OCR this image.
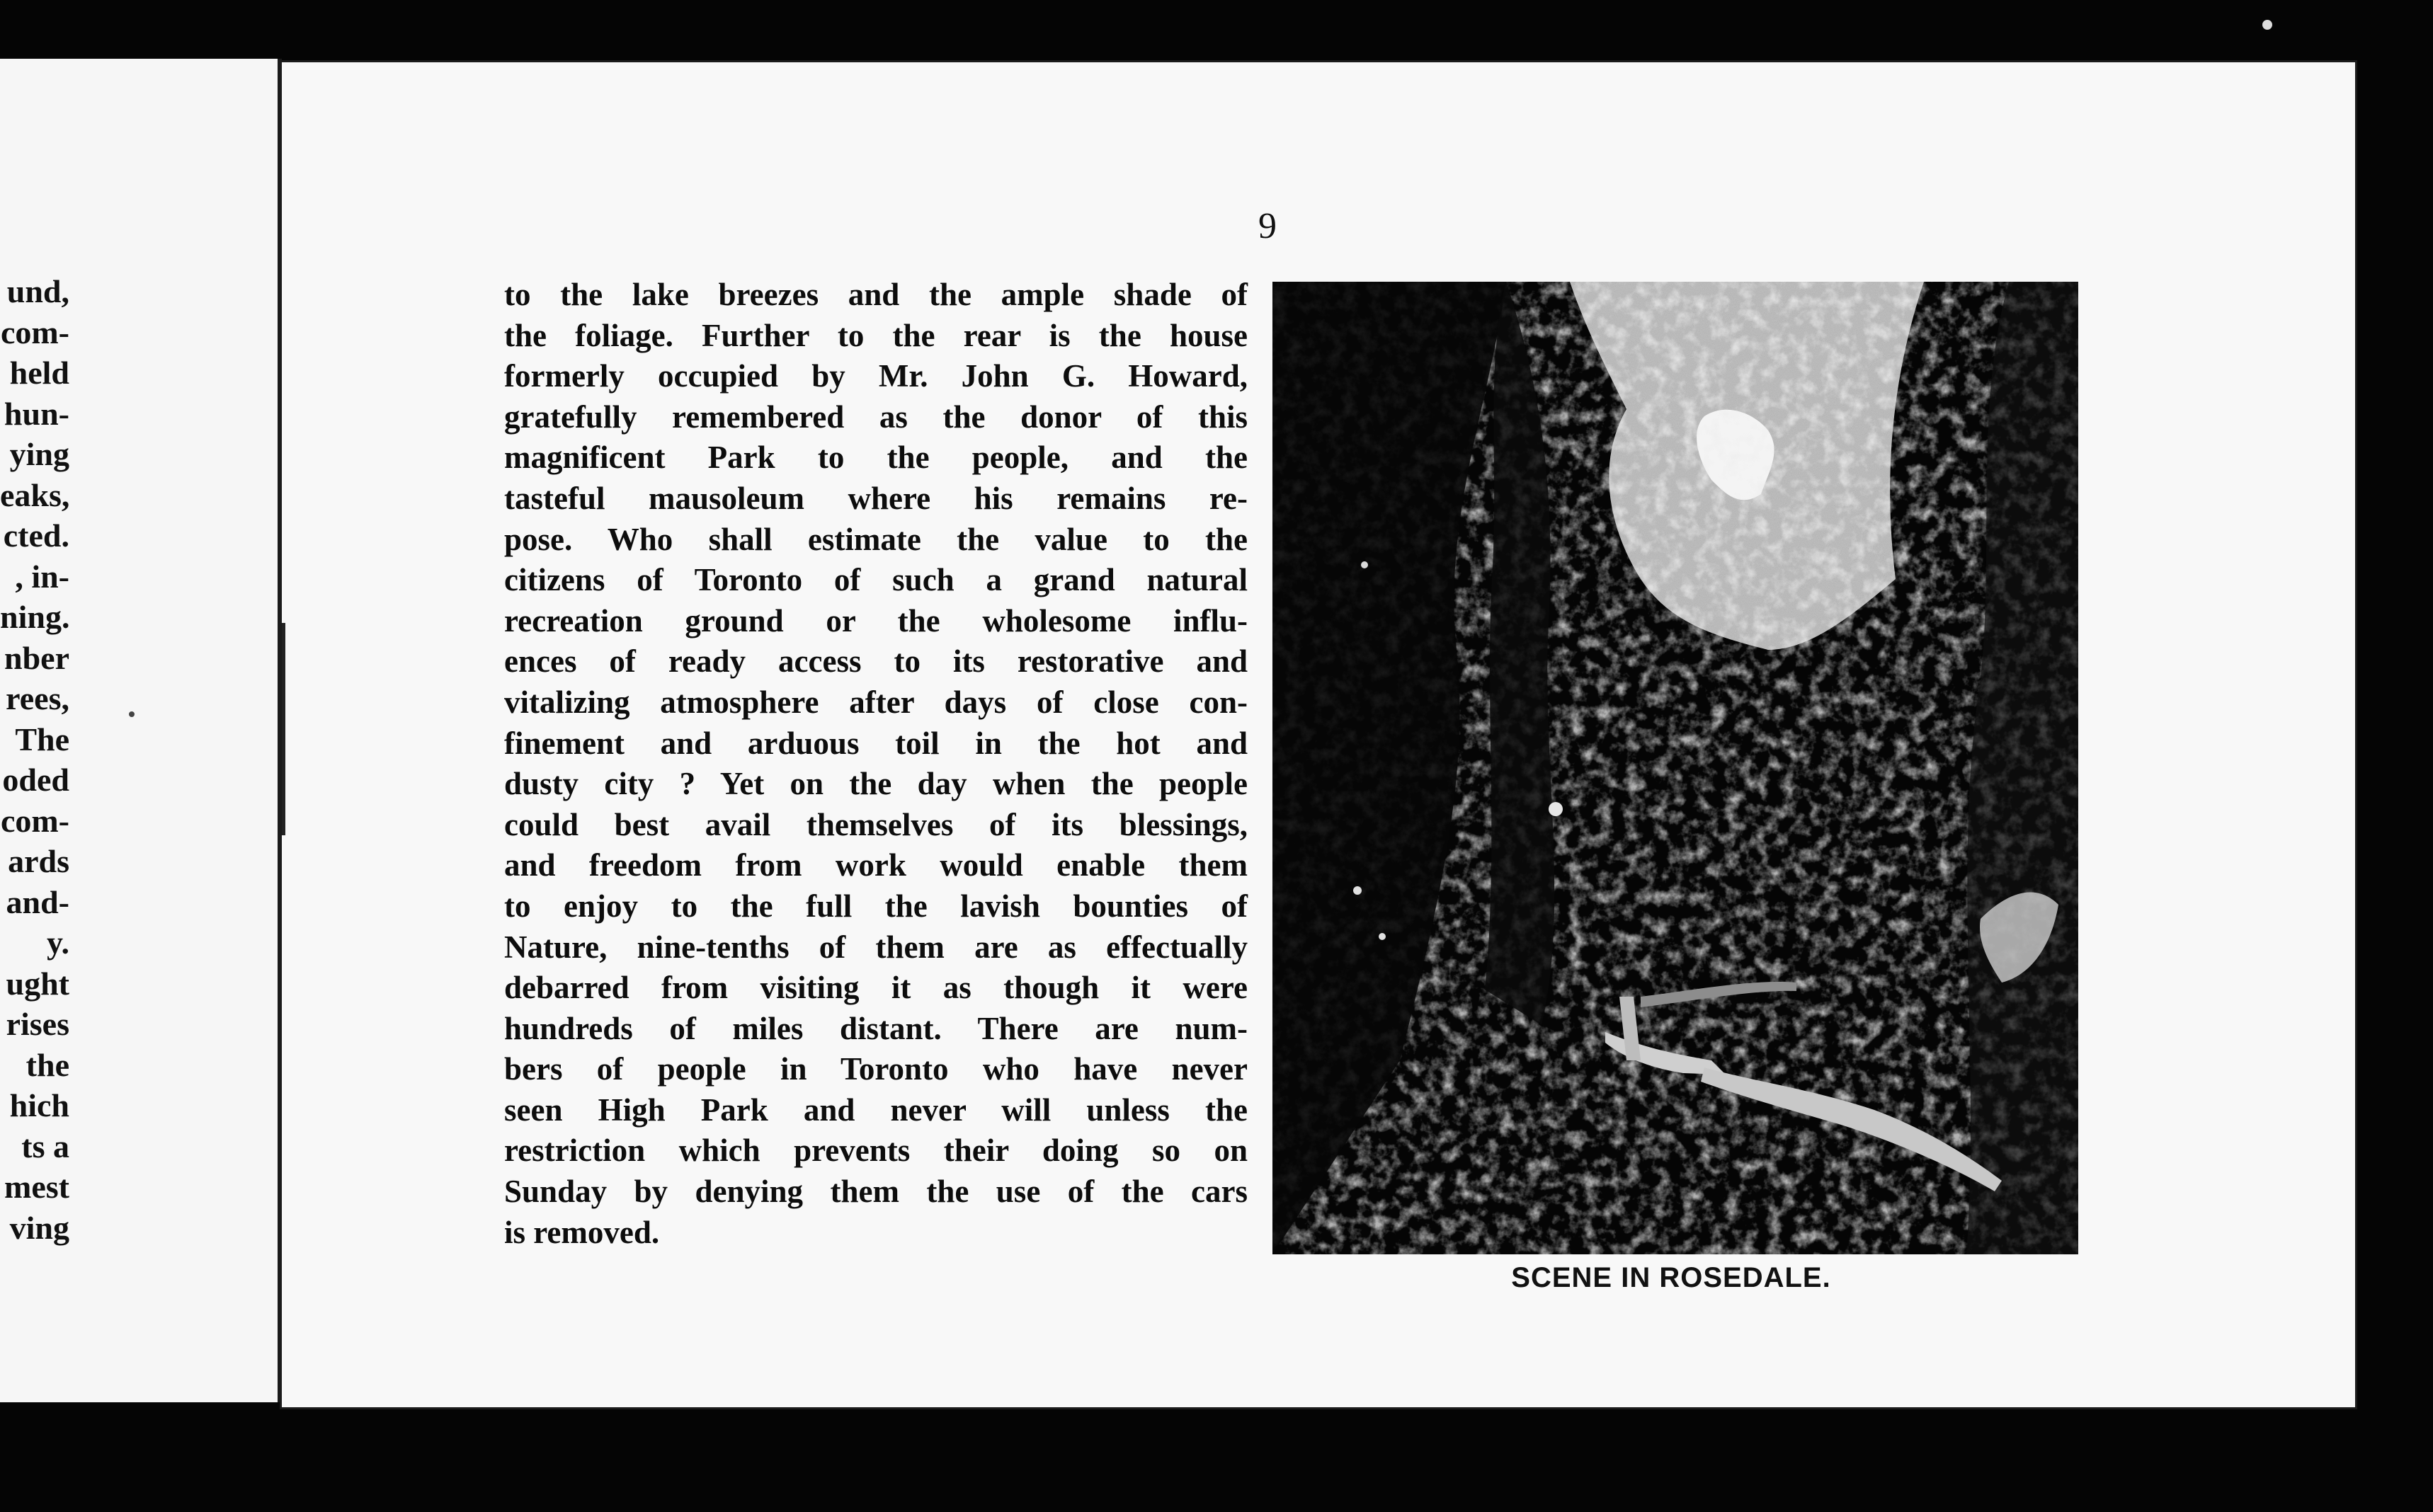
und,
com-
held
hun-
ying
eaks,
cted.
, in-
ning.
nber
rees,
The
oded
com-
ards
and-
y.
ught
rises
the
hich
ts a
mest
ving
9
to the lake breezes and the ample shade of
the foliage. Further to the rear is the house
formerly occupied by Mr. John G. Howard,
gratefully remembered as the donor of this
magnificent Park to the people, and the
tasteful mausoleum where his remains re-
pose. Who shall estimate the value to the
citizens of Toronto of such a grand natural
recreation ground or the wholesome influ-
ences of ready access to its restorative and
vitalizing atmosphere after days of close con-
finement and arduous toil in the hot and
dusty city ? Yet on the day when the people
could best avail themselves of its blessings,
and freedom from work would enable them
to enjoy to the full the lavish bounties of
Nature, nine-tenths of them are as effectually
debarred from visiting it as though it were
hundreds of miles distant. There are num-
bers of people in Toronto who have never
seen High Park and never will unless the
restriction which prevents their doing so on
Sunday by denying them the use of the cars
is removed.
SCENE IN ROSEDALE.
